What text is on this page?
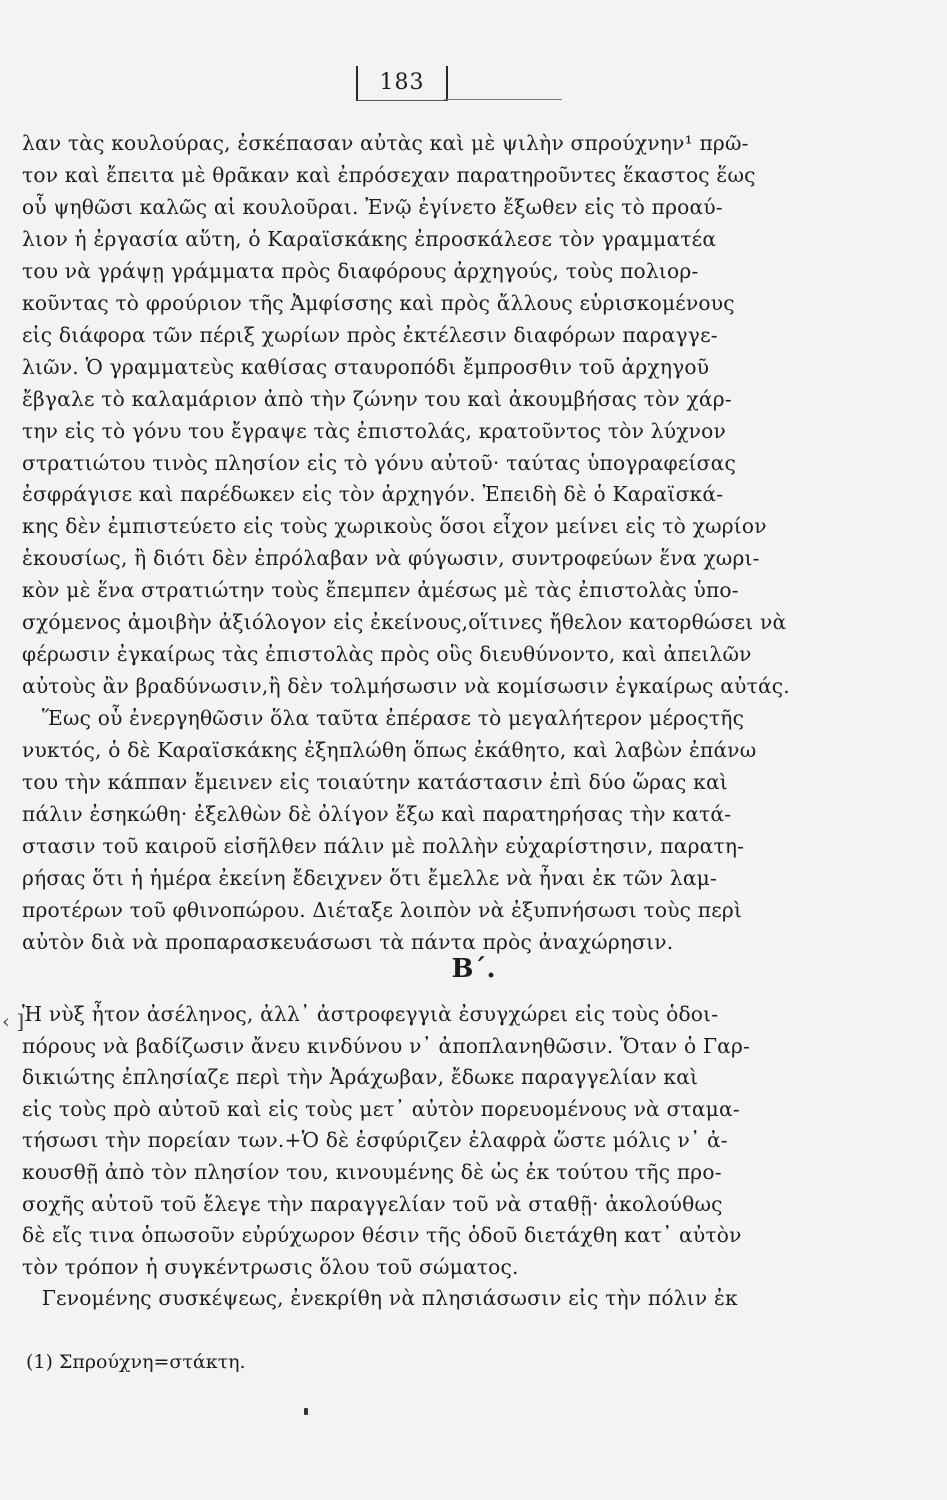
183
λαν τὰς κουλούρας, ἐσκέπασαν αὐτὰς καὶ μὲ ψιλὴν σπρούχνην¹ πρῶ-
τον καὶ ἔπειτα μὲ θρᾶκαν καὶ ἐπρόσεχαν παρατηροῦντες ἕκαστος ἕως
οὗ ψηθῶσι καλῶς αἱ κουλοῦραι. Ἐνῷ ἐγίνετο ἔξωθεν εἰς τὸ προαύ-
λιον ἡ ἐργασία αὕτη, ὁ Καραϊσκάκης ἐπροσκάλεσε τὸν γραμματέα
του νὰ γράψῃ γράμματα πρὸς διαφόρους ἀρχηγούς, τοὺς πολιορ-
κοῦντας τὸ φρούριον τῆς Ἀμφίσσης καὶ πρὸς ἄλλους εὑρισκομένους
εἰς διάφορα τῶν πέριξ χωρίων πρὸς ἐκτέλεσιν διαφόρων παραγγε-
λιῶν. Ὁ γραμματεὺς καθίσας σταυροπόδι ἔμπροσθιν τοῦ ἀρχηγοῦ
ἔβγαλε τὸ καλαμάριον ἀπὸ τὴν ζώνην του καὶ ἀκουμβήσας τὸν χάρ-
την εἰς τὸ γόνυ του ἔγραψε τὰς ἐπιστολάς, κρατοῦντος τὸν λύχνον
στρατιώτου τινὸς πλησίον εἰς τὸ γόνυ αὐτοῦ· ταύτας ὑπογραφείσας
ἐσφράγισε καὶ παρέδωκεν εἰς τὸν ἀρχηγόν. Ἐπειδὴ δὲ ὁ Καραϊσκά-
κης δὲν ἐμπιστεύετο εἰς τοὺς χωρικοὺς ὅσοι εἶχον μείνει εἰς τὸ χωρίον
ἑκουσίως, ἢ διότι δὲν ἐπρόλαβαν νὰ φύγωσιν, συντροφεύων ἕνα χωρι-
κὸν μὲ ἕνα στρατιώτην τοὺς ἔπεμπεν ἀμέσως μὲ τὰς ἐπιστολὰς ὑπο-
σχόμενος ἀμοιβὴν ἀξιόλογον εἰς ἐκείνους,οἵτινες ἤθελον κατορθώσει νὰ
φέρωσιν ἐγκαίρως τὰς ἐπιστολὰς πρὸς οὓς διευθύνοντο, καὶ ἀπειλῶν
αὐτοὺς ἂν βραδύνωσιν,ἢ δὲν τολμήσωσιν νὰ κομίσωσιν ἐγκαίρως αὐτάς.
Ἕως οὗ ἐνεργηθῶσιν ὅλα ταῦτα ἐπέρασε τὸ μεγαλήτερον μέροςτῆς
νυκτός, ὁ δὲ Καραϊσκάκης ἐξηπλώθη ὅπως ἐκάθητο, καὶ λαβὼν ἐπάνω
του τὴν κάππαν ἔμεινεν εἰς τοιαύτην κατάστασιν ἐπὶ δύο ὥρας καὶ
πάλιν ἐσηκώθη· ἐξελθὼν δὲ ὀλίγον ἔξω καὶ παρατηρήσας τὴν κατά-
στασιν τοῦ καιροῦ εἰσῆλθεν πάλιν μὲ πολλὴν εὐχαρίστησιν, παρατη-
ρήσας ὅτι ἡ ἡμέρα ἐκείνη ἔδειχνεν ὅτι ἔμελλε νὰ ἦναι ἐκ τῶν λαμ-
προτέρων τοῦ φθινοπώρου. Διέταξε λοιπὸν νὰ ἐξυπνήσωσι τοὺς περὶ
αὐτὸν διὰ νὰ προπαρασκευάσωσι τὰ πάντα πρὸς ἀναχώρησιν.
Β΄.
‹ ]
Ἡ νὺξ ἦτον ἀσέληνος, ἀλλ᾽ ἀστροφεγγιὰ ἐσυγχώρει εἰς τοὺς ὁδοι-
πόρους νὰ βαδίζωσιν ἄνευ κινδύνου ν᾽ ἀποπλανηθῶσιν. Ὅταν ὁ Γαρ-
δικιώτης ἐπλησίαζε περὶ τὴν Ἀράχωβαν, ἔδωκε παραγγελίαν καὶ
εἰς τοὺς πρὸ αὐτοῦ καὶ εἰς τοὺς μετ᾽ αὐτὸν πορευομένους νὰ σταμα-
τήσωσι τὴν πορείαν των.+Ὁ δὲ ἐσφύριζεν ἐλαφρὰ ὥστε μόλις ν᾽ ἀ-
κουσθῇ ἀπὸ τὸν πλησίον του, κινουμένης δὲ ὡς ἐκ τούτου τῆς προ-
σοχῆς αὐτοῦ τοῦ ἔλεγε τὴν παραγγελίαν τοῦ νὰ σταθῇ· ἀκολούθως
δὲ εἴς τινα ὁπωσοῦν εὐρύχωρον θέσιν τῆς ὁδοῦ διετάχθη κατ᾽ αὐτὸν
τὸν τρόπον ἡ συγκέντρωσις ὅλου τοῦ σώματος.
Γενομένης συσκέψεως, ἐνεκρίθη νὰ πλησιάσωσιν εἰς τὴν πόλιν ἐκ

(1) Σπρούχνη=στάκτη.
